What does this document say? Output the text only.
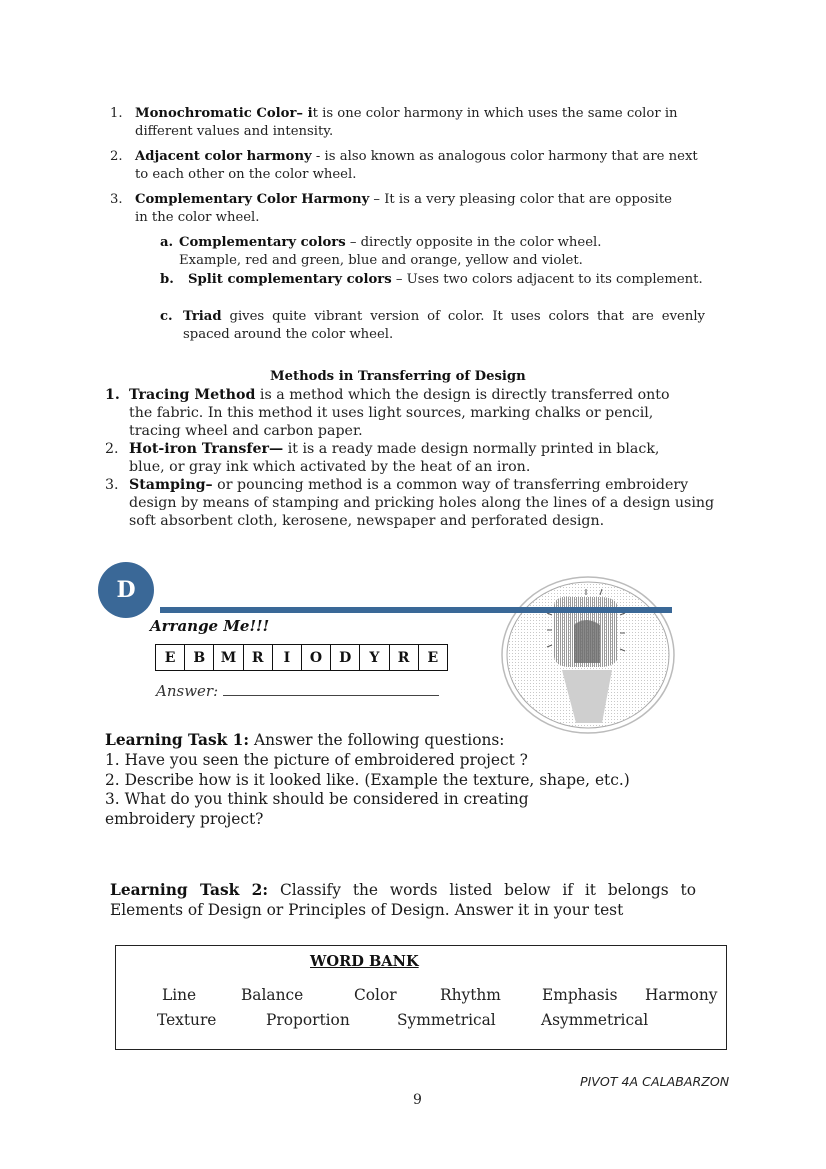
1. Monochromatic Color– it is one color harmony in which uses the same color in different values and intensity.
2. Adjacent color harmony - is also known as analogous color harmony that are next to each other on the color wheel.
3. Complementary Color Harmony – It is a very pleasing color that are opposite in the color wheel.
a. Complementary colors – directly opposite in the color wheel. Example, red and green, blue and orange, yellow and violet.
b. Split complementary colors – Uses two colors adjacent to its complement.
c. Triad gives quite vibrant version of color. It uses colors that are evenly spaced around the color wheel.
Methods in Transferring of Design
1. Tracing Method is a method which the design is directly transferred onto the fabric. In this method it uses light sources, marking chalks or pencil, tracing wheel and carbon paper.
2. Hot-iron Transfer— it is a ready made design normally printed in black, blue, or gray ink which activated by the heat of an iron.
3. Stamping– or pouncing method is a common way of transferring embroidery design by means of stamping and pricking holes along the lines of a design using soft absorbent cloth, kerosene, newspaper and perforated design.
D
Arrange Me!!!
E	B	M	R	I	O	D	Y	R	E
Answer:
Learning Task 1: Answer the following questions:
1. Have you seen the picture of embroidered project ?
2. Describe how is it looked like. (Example the texture, shape, etc.)
3. What do you think should be considered in creating
embroidery project?
Learning Task 2: Classify the words listed below if it belongs to Elements of Design or Principles of Design. Answer it in your test
WORD BANK
Line	Balance	Color	Rhythm	Emphasis Harmony
Texture	Proportion	Symmetrical	Asymmetrical
PIVOT 4A CALABARZON
9
